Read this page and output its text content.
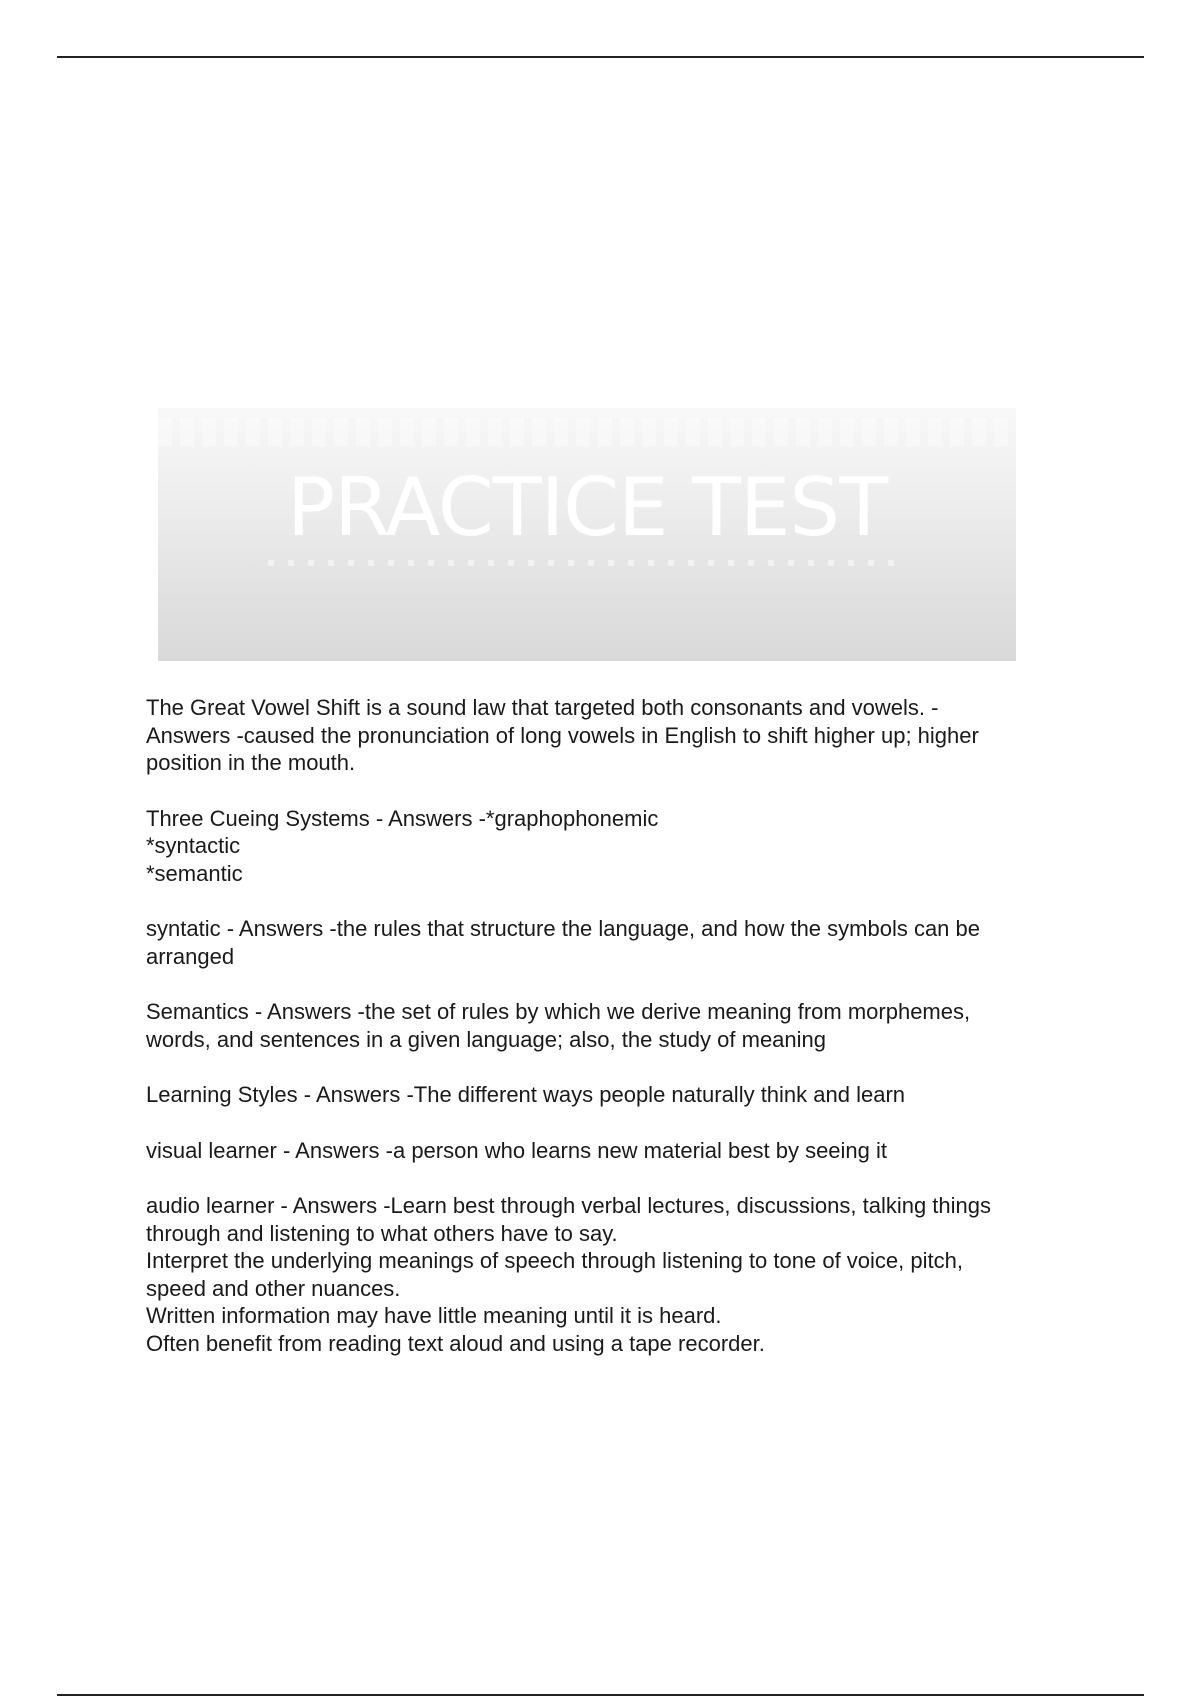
PRACTICE TEST
The Great Vowel Shift is a sound law that targeted both consonants and vowels. -
Answers -caused the pronunciation of long vowels in English to shift higher up; higher
position in the mouth.
Three Cueing Systems - Answers -*graphophonemic
*syntactic
*semantic
syntatic - Answers -the rules that structure the language, and how the symbols can be
arranged
Semantics - Answers -the set of rules by which we derive meaning from morphemes,
words, and sentences in a given language; also, the study of meaning
Learning Styles - Answers -The different ways people naturally think and learn
visual learner - Answers -a person who learns new material best by seeing it
audio learner - Answers -Learn best through verbal lectures, discussions, talking things
through and listening to what others have to say.
Interpret the underlying meanings of speech through listening to tone of voice, pitch,
speed and other nuances.
Written information may have little meaning until it is heard.
Often benefit from reading text aloud and using a tape recorder.
